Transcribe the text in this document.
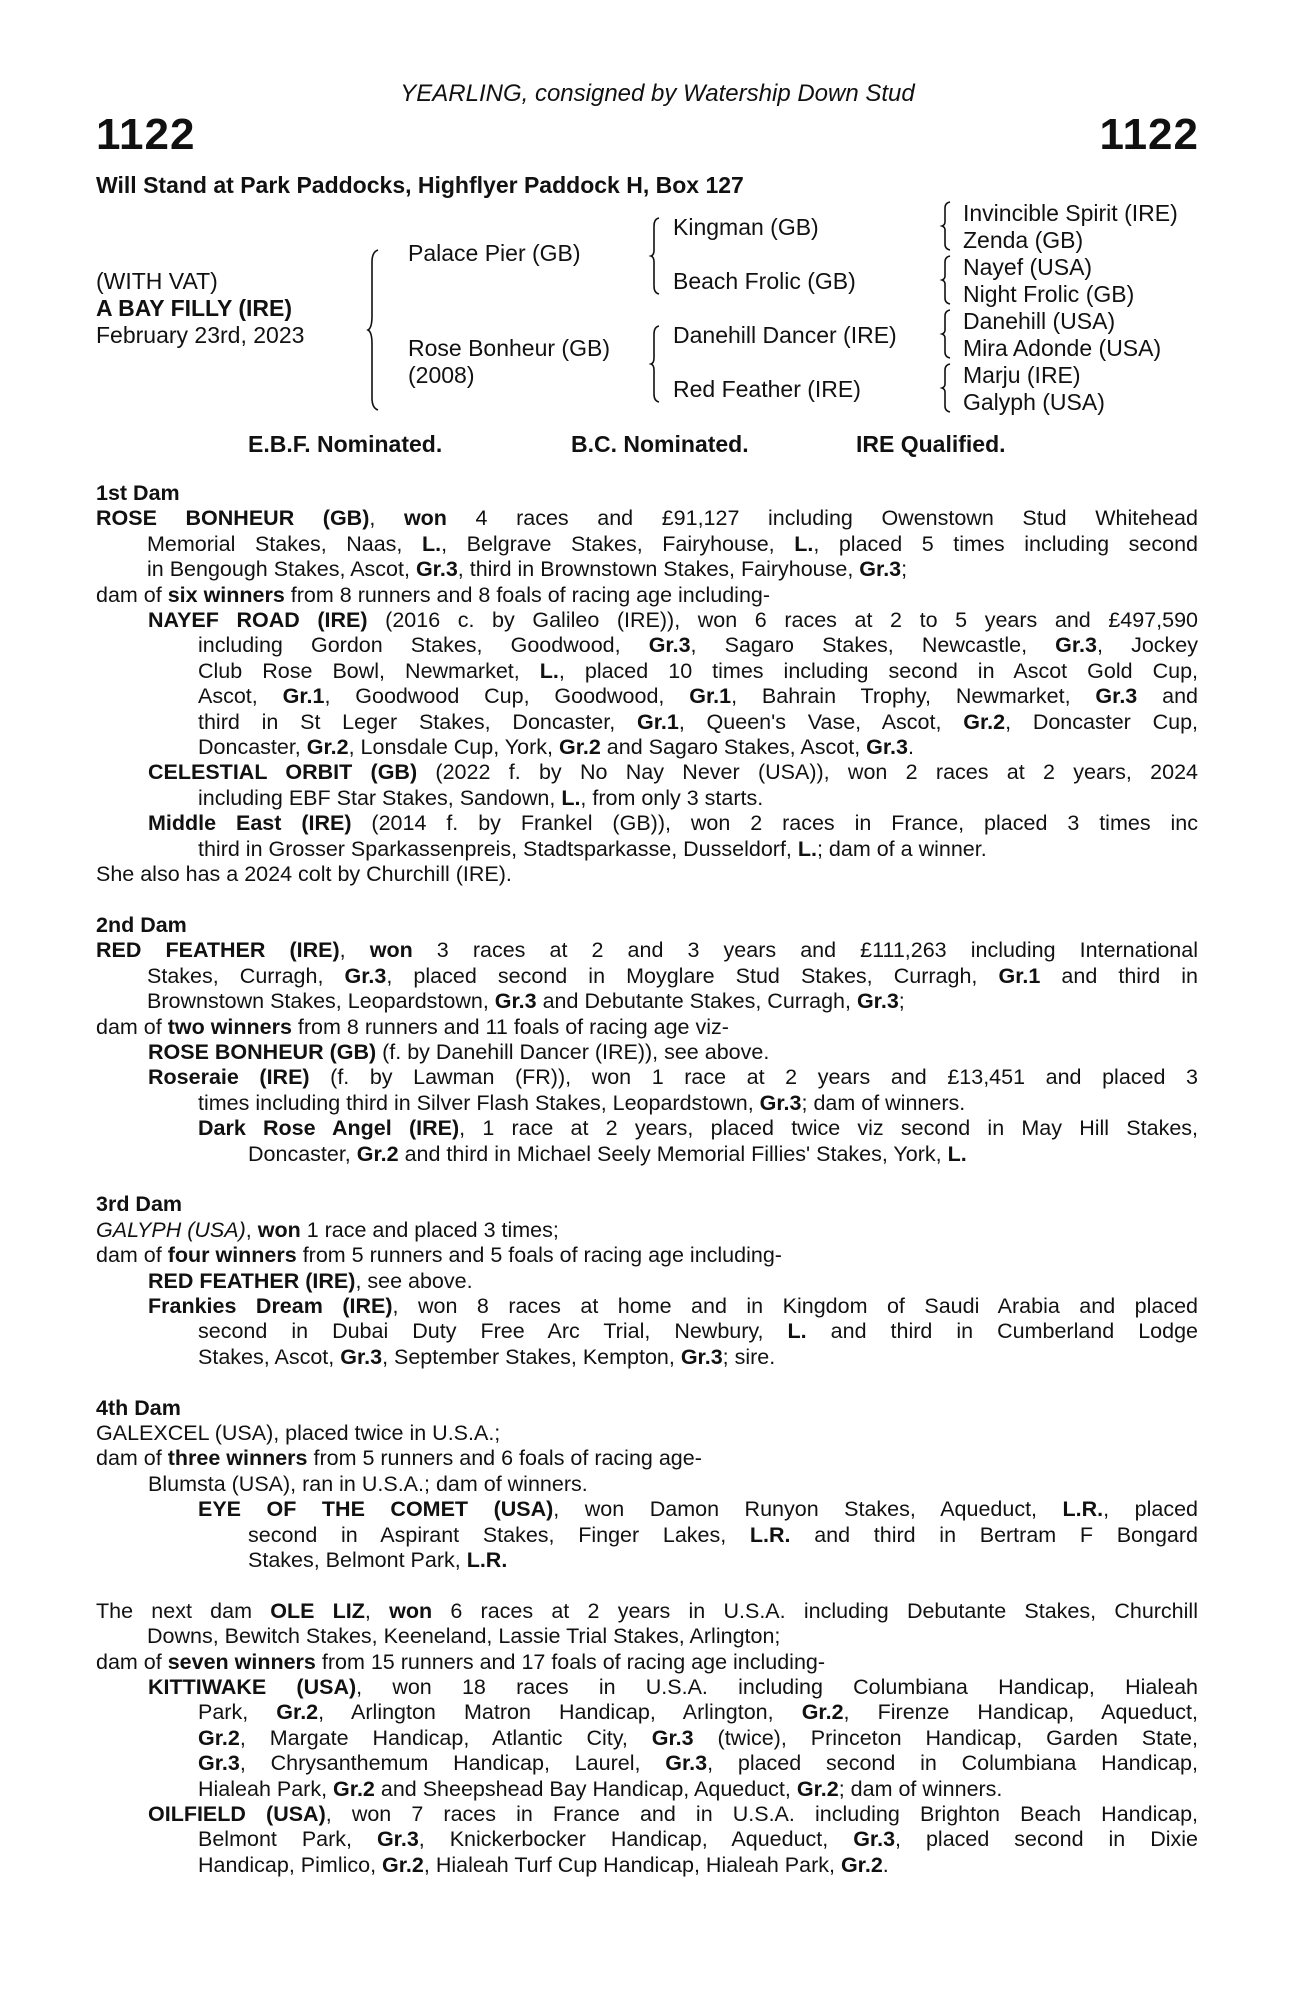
YEARLING, consigned by Watership Down Stud
1122	1122
Will Stand at Park Paddocks, Highflyer Paddock H, Box 127
(WITH VAT)
A BAY FILLY (IRE)
February 23rd, 2023
Palace Pier (GB)
Rose Bonheur (GB)
(2008)
Kingman (GB)
Beach Frolic (GB)
Danehill Dancer (IRE)
Red Feather (IRE)
Invincible Spirit (IRE)
Zenda (GB)
Nayef (USA)
Night Frolic (GB)
Danehill (USA)
Mira Adonde (USA)
Marju (IRE)
Galyph (USA)
E.B.F. Nominated.	B.C. Nominated.	IRE Qualified.
1st Dam
ROSE BONHEUR (GB), won 4 races and £91,127 including Owenstown Stud Whitehead
Memorial Stakes, Naas, L., Belgrave Stakes, Fairyhouse, L., placed 5 times including second
in Bengough Stakes, Ascot, Gr.3, third in Brownstown Stakes, Fairyhouse, Gr.3;
dam of six winners from 8 runners and 8 foals of racing age including-
NAYEF ROAD (IRE) (2016 c. by Galileo (IRE)), won 6 races at 2 to 5 years and £497,590
including Gordon Stakes, Goodwood, Gr.3, Sagaro Stakes, Newcastle, Gr.3, Jockey
Club Rose Bowl, Newmarket, L., placed 10 times including second in Ascot Gold Cup,
Ascot, Gr.1, Goodwood Cup, Goodwood, Gr.1, Bahrain Trophy, Newmarket, Gr.3 and
third in St Leger Stakes, Doncaster, Gr.1, Queen's Vase, Ascot, Gr.2, Doncaster Cup,
Doncaster, Gr.2, Lonsdale Cup, York, Gr.2 and Sagaro Stakes, Ascot, Gr.3.
CELESTIAL ORBIT (GB) (2022 f. by No Nay Never (USA)), won 2 races at 2 years, 2024
including EBF Star Stakes, Sandown, L., from only 3 starts.
Middle East (IRE) (2014 f. by Frankel (GB)), won 2 races in France, placed 3 times inc
third in Grosser Sparkassenpreis, Stadtsparkasse, Dusseldorf, L.; dam of a winner.
She also has a 2024 colt by Churchill (IRE).
2nd Dam
RED FEATHER (IRE), won 3 races at 2 and 3 years and £111,263 including International
Stakes, Curragh, Gr.3, placed second in Moyglare Stud Stakes, Curragh, Gr.1 and third in
Brownstown Stakes, Leopardstown, Gr.3 and Debutante Stakes, Curragh, Gr.3;
dam of two winners from 8 runners and 11 foals of racing age viz-
ROSE BONHEUR (GB) (f. by Danehill Dancer (IRE)), see above.
Roseraie (IRE) (f. by Lawman (FR)), won 1 race at 2 years and £13,451 and placed 3
times including third in Silver Flash Stakes, Leopardstown, Gr.3; dam of winners.
Dark Rose Angel (IRE), 1 race at 2 years, placed twice viz second in May Hill Stakes,
Doncaster, Gr.2 and third in Michael Seely Memorial Fillies' Stakes, York, L.
3rd Dam
GALYPH (USA), won 1 race and placed 3 times;
dam of four winners from 5 runners and 5 foals of racing age including-
RED FEATHER (IRE), see above.
Frankies Dream (IRE), won 8 races at home and in Kingdom of Saudi Arabia and placed
second in Dubai Duty Free Arc Trial, Newbury, L. and third in Cumberland Lodge
Stakes, Ascot, Gr.3, September Stakes, Kempton, Gr.3; sire.
4th Dam
GALEXCEL (USA), placed twice in U.S.A.;
dam of three winners from 5 runners and 6 foals of racing age-
Blumsta (USA), ran in U.S.A.; dam of winners.
EYE OF THE COMET (USA), won Damon Runyon Stakes, Aqueduct, L.R., placed
second in Aspirant Stakes, Finger Lakes, L.R. and third in Bertram F Bongard
Stakes, Belmont Park, L.R.
The next dam OLE LIZ, won 6 races at 2 years in U.S.A. including Debutante Stakes, Churchill
Downs, Bewitch Stakes, Keeneland, Lassie Trial Stakes, Arlington;
dam of seven winners from 15 runners and 17 foals of racing age including-
KITTIWAKE (USA), won 18 races in U.S.A. including Columbiana Handicap, Hialeah
Park, Gr.2, Arlington Matron Handicap, Arlington, Gr.2, Firenze Handicap, Aqueduct,
Gr.2, Margate Handicap, Atlantic City, Gr.3 (twice), Princeton Handicap, Garden State,
Gr.3, Chrysanthemum Handicap, Laurel, Gr.3, placed second in Columbiana Handicap,
Hialeah Park, Gr.2 and Sheepshead Bay Handicap, Aqueduct, Gr.2; dam of winners.
OILFIELD (USA), won 7 races in France and in U.S.A. including Brighton Beach Handicap,
Belmont Park, Gr.3, Knickerbocker Handicap, Aqueduct, Gr.3, placed second in Dixie
Handicap, Pimlico, Gr.2, Hialeah Turf Cup Handicap, Hialeah Park, Gr.2.
